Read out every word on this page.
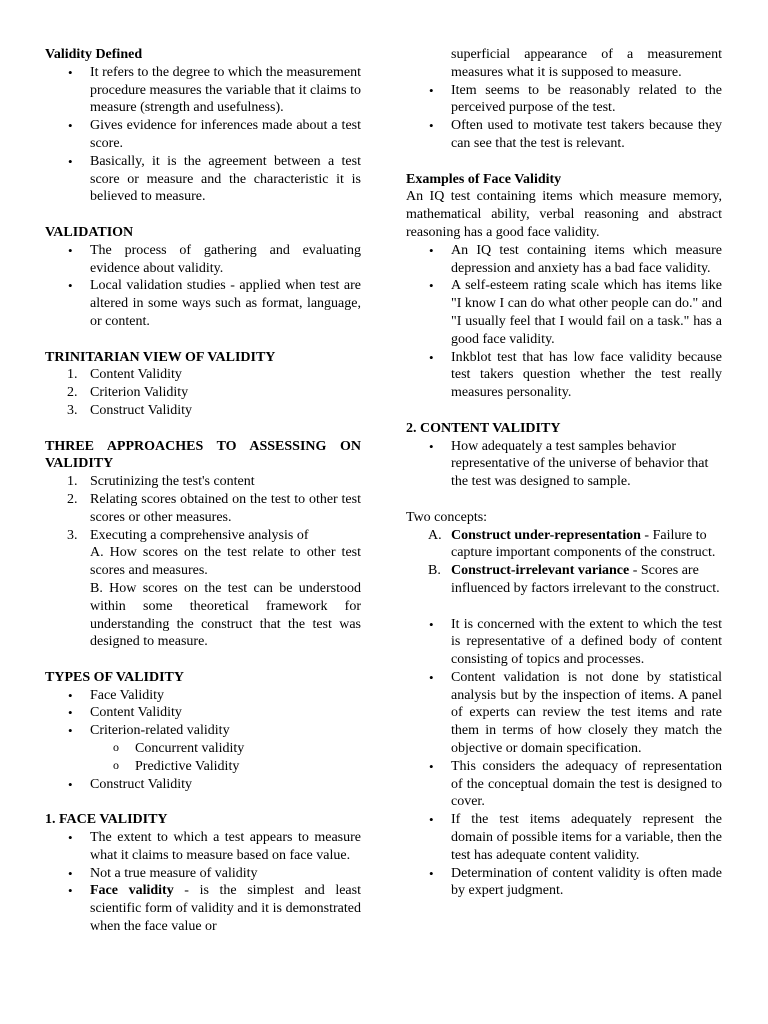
Validity Defined

• It refers to the degree to which the measurement procedure measures the variable that it claims to measure (strength and usefulness).
• Gives evidence for inferences made about a test score.
• Basically, it is the agreement between a test score or measure and the characteristic it is believed to measure.

VALIDATION

• The process of gathering and evaluating evidence about validity.
• Local validation studies - applied when test are altered in some ways such as format, language, or content.

TRINITARIAN VIEW OF VALIDITY

1. Content Validity
2. Criterion Validity
3. Construct Validity

THREE APPROACHES TO ASSESSING ON VALIDITY

1. Scrutinizing the test's content
2. Relating scores obtained on the test to other test scores or other measures.
3. Executing a comprehensive analysis of
A. How scores on the test relate to other test scores and measures.
B. How scores on the test can be understood within some theoretical framework for understanding the construct that the test was designed to measure.

TYPES OF VALIDITY

• Face Validity
• Content Validity
• Criterion-related validity
o Concurrent validity
o Predictive Validity
• Construct Validity

1. FACE VALIDITY

• The extent to which a test appears to measure what it claims to measure based on face value.
• Not a true measure of validity
• Face validity - is the simplest and least scientific form of validity and it is demonstrated when the face value or
superficial appearance of a measurement measures what it is supposed to measure.
• Item seems to be reasonably related to the perceived purpose of the test.
• Often used to motivate test takers because they can see that the test is relevant.

Examples of Face Validity

An IQ test containing items which measure memory, mathematical ability, verbal reasoning and abstract reasoning has a good face validity.

• An IQ test containing items which measure depression and anxiety has a bad face validity.
• A self-esteem rating scale which has items like "I know I can do what other people can do." and "I usually feel that I would fail on a task." has a good face validity.
• Inkblot test that has low face validity because test takers question whether the test really measures personality.

2. CONTENT VALIDITY

• How adequately a test samples behavior representative of the universe of behavior that the test was designed to sample.

Two concepts:

A. Construct under-representation - Failure to capture important components of the construct.
B. Construct-irrelevant variance - Scores are influenced by factors irrelevant to the construct.
• It is concerned with the extent to which the test is representative of a defined body of content consisting of topics and processes.
• Content validation is not done by statistical analysis but by the inspection of items. A panel of experts can review the test items and rate them in terms of how closely they match the objective or domain specification.
• This considers the adequacy of representation of the conceptual domain the test is designed to cover.
• If the test items adequately represent the domain of possible items for a variable, then the test has adequate content validity.
• Determination of content validity is often made by expert judgment.
